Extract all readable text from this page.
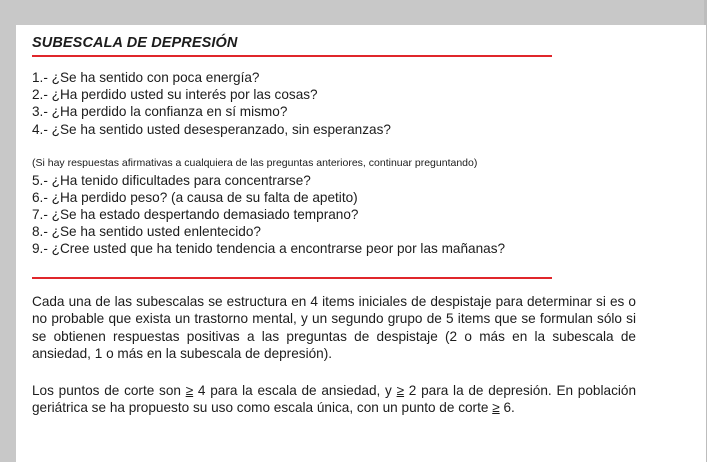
SUBESCALA DE DEPRESIÓN
1.- ¿Se ha sentido con poca energía?
2.- ¿Ha perdido usted su interés por las cosas?
3.- ¿Ha perdido la confianza en sí mismo?
4.- ¿Se ha sentido usted desesperanzado, sin esperanzas?
(Si hay respuestas afirmativas a cualquiera de las preguntas anteriores, continuar preguntando)
5.- ¿Ha tenido dificultades para concentrarse?
6.- ¿Ha perdido peso? (a causa de su falta de apetito)
7.- ¿Se ha estado despertando demasiado temprano?
8.- ¿Se ha sentido usted enlentecido?
9.- ¿Cree usted que ha tenido tendencia a encontrarse peor por las mañanas?

Cada una de las subescalas se estructura en 4 items iniciales de despistaje para determinar si es o no probable que exista un trastorno mental, y un segundo grupo de 5 items que se formulan sólo si se obtienen respuestas positivas a las preguntas de despistaje (2 o más en la subescala de ansiedad, 1 o más en la subescala de depresión).

Los puntos de corte son ≥ 4 para la escala de ansiedad, y ≥ 2 para la de depresión. En población geriátrica se ha propuesto su uso como escala única, con un punto de corte ≥ 6.
